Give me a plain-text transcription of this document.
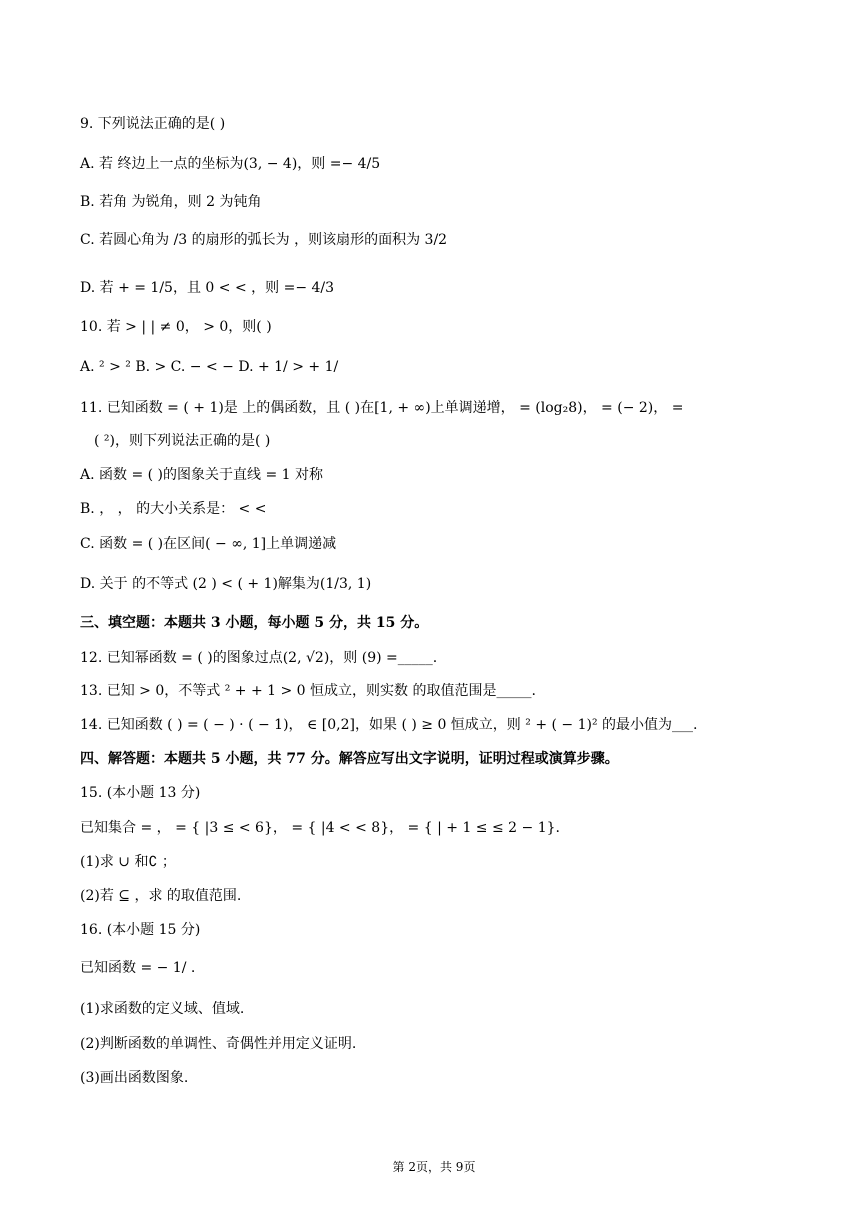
9. 下列说法正确的是( )
A. 若 终边上一点的坐标为(3, − 4)，则 =− 4/5
B. 若角 为锐角，则 2 为钝角
C. 若圆心角为 /3 的扇形的弧长为 ，则该扇形的面积为 3/2
D. 若 + = 1/5，且 0 < < ，则 =− 4/3
10. 若 > | | ≠ 0， > 0，则( )
A. ² > ² B. > C. − < − D. + 1/ > + 1/
11. 已知函数 = ( + 1)是 上的偶函数，且 ( )在[1, + ∞)上单调递增， = (log₂8)， = (− 2)， =
( ²)，则下列说法正确的是( )
A. 函数 = ( )的图象关于直线 = 1 对称
B. ， ， 的大小关系是： < <
C. 函数 = ( )在区间( − ∞, 1]上单调递减
D. 关于 的不等式 (2 ) < ( + 1)解集为(1/3, 1)
三、填空题：本题共 3 小题，每小题 5 分，共 15 分。
12. 已知幂函数 = ( )的图象过点(2, √2)，则 (9) =_____.
13. 已知 > 0，不等式 ² + + 1 > 0 恒成立，则实数 的取值范围是_____.
14. 已知函数 ( ) = ( − ) · ( − 1)， ∈ [0,2]，如果 ( ) ≥ 0 恒成立，则 ² + ( − 1)² 的最小值为___.
四、解答题：本题共 5 小题，共 77 分。解答应写出文字说明，证明过程或演算步骤。
15. (本小题 13 分)
已知集合 = ， = { |3 ≤ < 6}， = { |4 < < 8}， = { | + 1 ≤ ≤ 2 − 1}.
(1)求 ∪ 和∁ ；
(2)若 ⊆ ，求 的取值范围.
16. (本小题 15 分)
已知函数 = − 1/ .
(1)求函数的定义域、值域.
(2)判断函数的单调性、奇偶性并用定义证明.
(3)画出函数图象.
第 2页，共 9页
